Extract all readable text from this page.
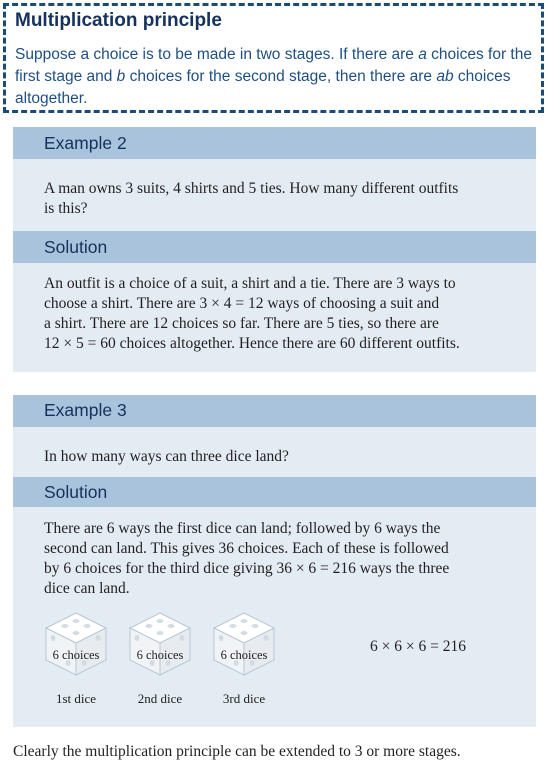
Multiplication principle
Suppose a choice is to be made in two stages. If there are a choices for the first stage and b choices for the second stage, then there are ab choices altogether.
Example 2
A man owns 3 suits, 4 shirts and 5 ties. How many different outfits
is this?
Solution
An outfit is a choice of a suit, a shirt and a tie. There are 3 ways to
choose a shirt. There are 3 × 4 = 12 ways of choosing a suit and
a shirt. There are 12 choices so far. There are 5 ties, so there are
12 × 5 = 60 choices altogether. Hence there are 60 different outfits.
Example 3
In how many ways can three dice land?
Solution
There are 6 ways the first dice can land; followed by 6 ways the
second can land. This gives 36 choices. Each of these is followed
by 6 choices for the third dice giving 36 × 6 = 216 ways the three
dice can land.
6 choices
1st dice
6 choices
2nd dice
6 choices
3rd dice
6 × 6 × 6 = 216
Clearly the multiplication principle can be extended to 3 or more stages.
